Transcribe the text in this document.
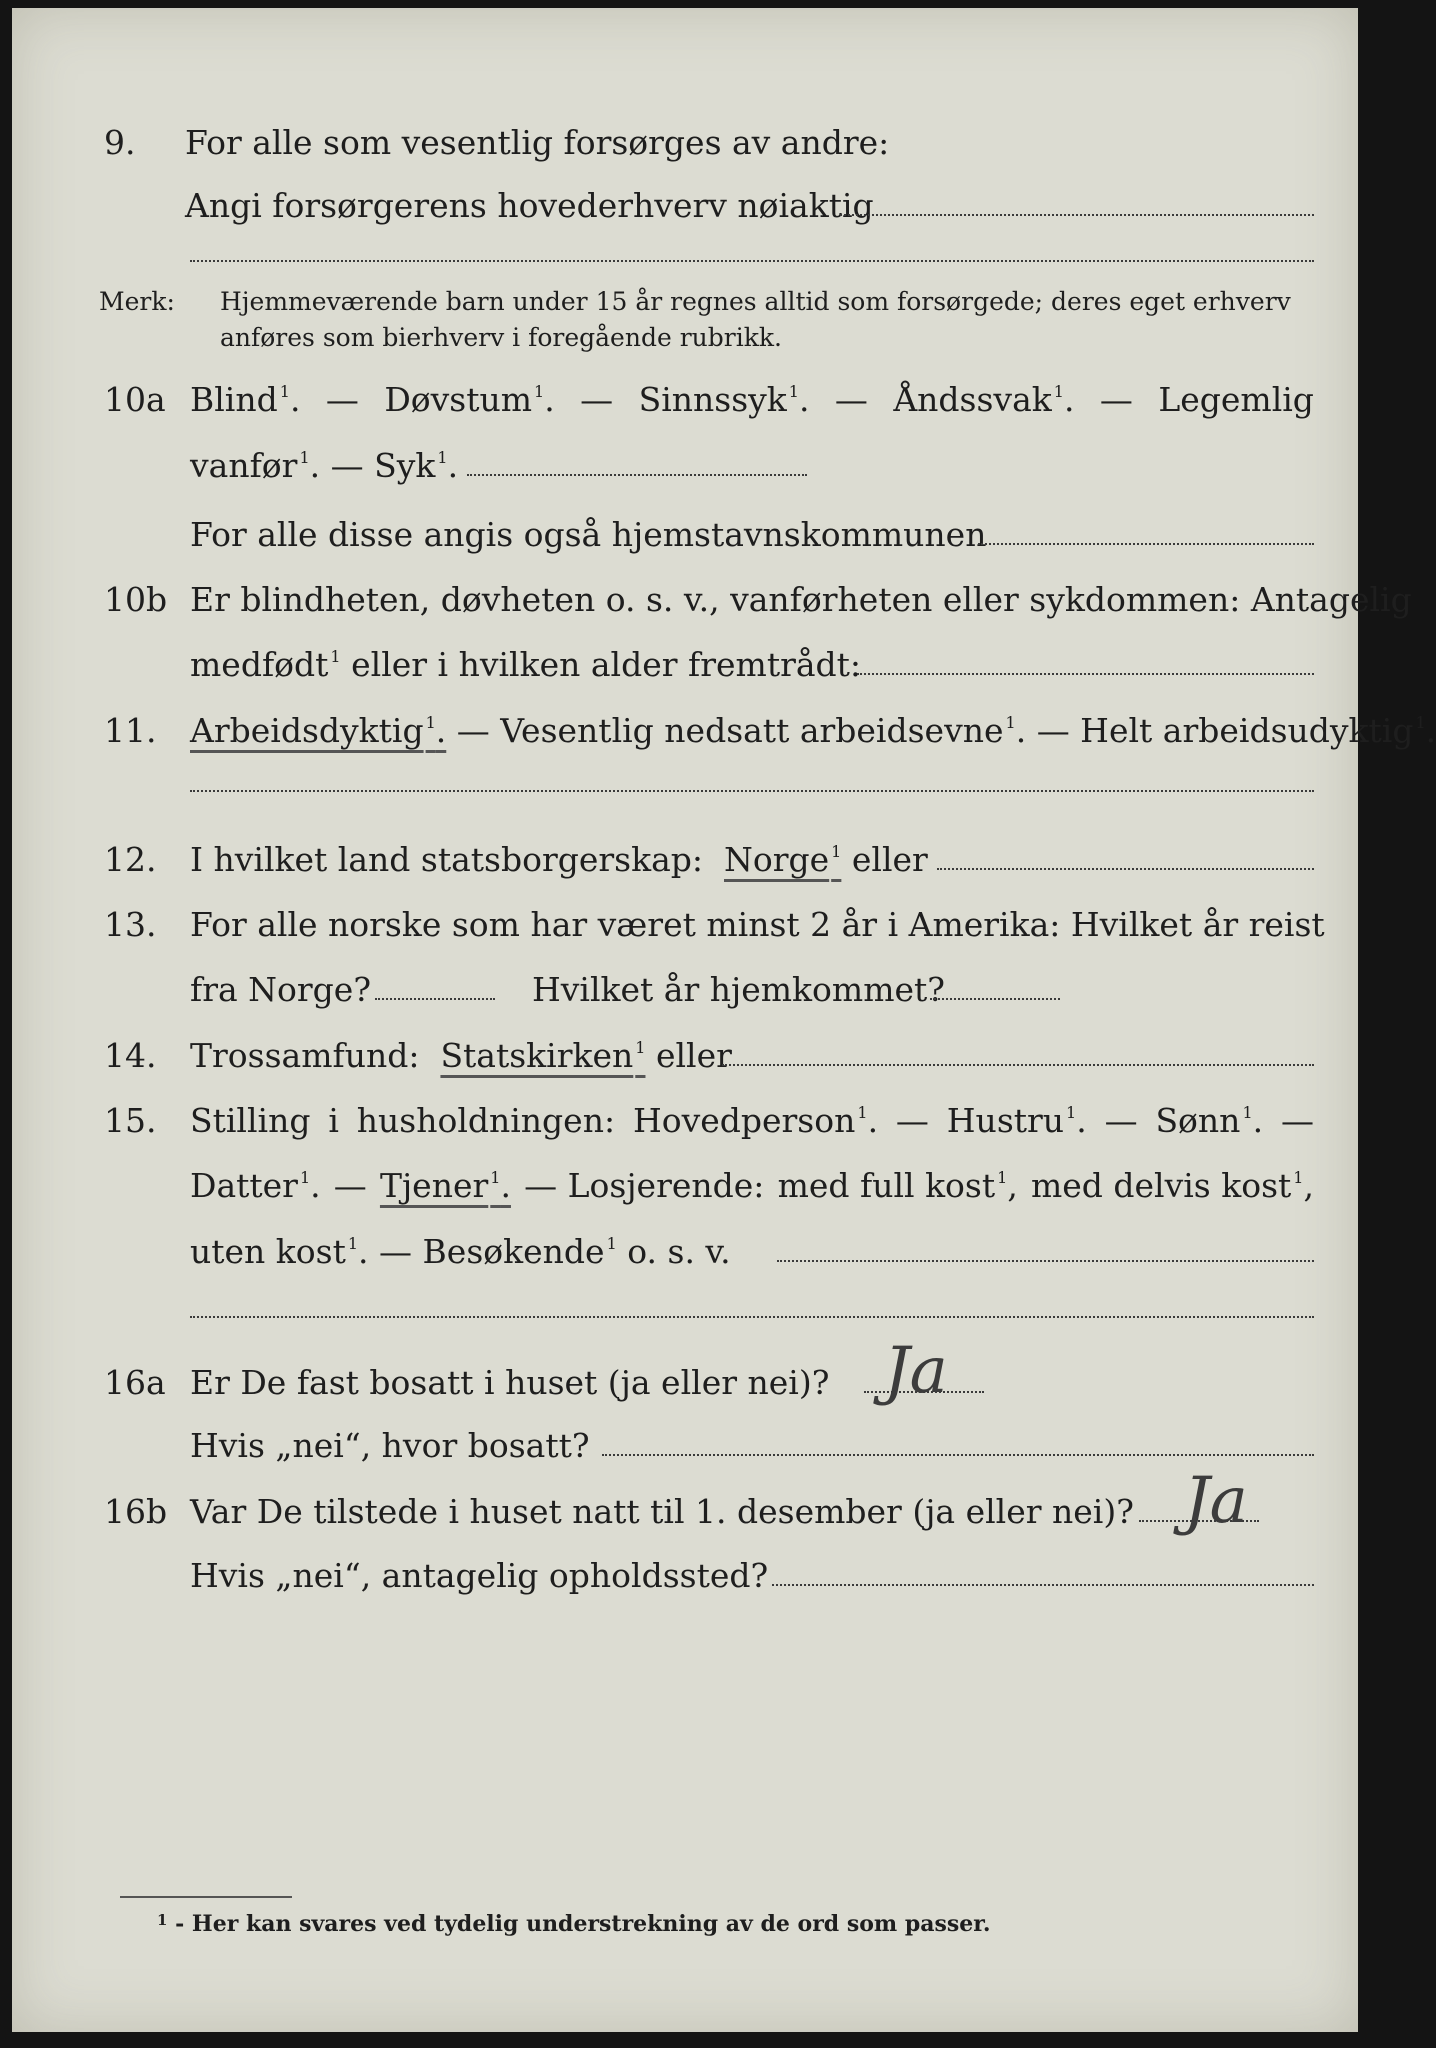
9. For alle som vesentlig forsørges av andre:
Angi forsørgerens hovederhverv nøiaktig
Merk: Hjemmeværende barn under 15 år regnes alltid som forsørgede; deres eget erhverv
anføres som bierhverv i foregående rubrikk.
10a Blind $^1$. — Døvstum $^1$. — Sinnssyk $^1$. — Åndssvak $^1$. — Legemlig
vanfør $^1$.
— Syk $^1$.
For alle disse angis også hjemstavnskommunen
10b Er blindheten, døvheten o. s. v., vanførheten eller sykdommen: Antagelig
medfødt $^1$
eller i hvilken alder fremtrådt:
11. Arbeidsdyktig $^1$.
— Vesentlig nedsatt arbeidsevne $^1$.
— Helt arbeidsudyktig $^1$.
12. I hvilket land statsborgerskap:
Norge $^1$
eller
13. For alle norske som har været minst 2 år i Amerika: Hvilket år reist
fra Norge?	Hvilket år hjemkommet?
14. Trossamfund:
Statskirken $^1$
eller
15. Stilling i husholdningen: Hovedperson $^1$. — Hustru $^1$. — Sønn $^1$. —
Datter $^1$. — Tjener $^1$. — Losjerende: med full kost $^1$, med delvis kost $^1$,
uten kost $^1$.
— Besøkende $^1$
o. s. v.
16a Er De fast bosatt i huset (ja eller nei)? Ja
Hvis „nei“, hvor bosatt?
16b Var De tilstede i huset natt til 1. desember (ja eller nei)? Ja
Hvis „nei“, antagelig opholdssted?
$^1$ - Her kan svares ved tydelig understrekning av de ord som passer.
